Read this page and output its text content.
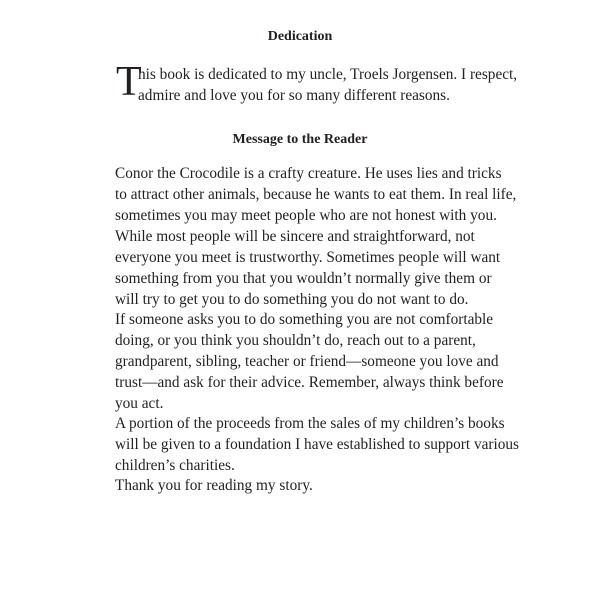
Dedication
T
his book is dedicated to my uncle, Troels Jorgensen. I respect,
admire and love you for so many different reasons.
Message to the Reader
Conor the Crocodile is a crafty creature. He uses lies and tricks
to attract other animals, because he wants to eat them. In real life,
sometimes you may meet people who are not honest with you.
While most people will be sincere and straightforward, not
everyone you meet is trustworthy. Sometimes people will want
something from you that you wouldn’t normally give them or
will try to get you to do something you do not want to do.
If someone asks you to do something you are not comfortable
doing, or you think you shouldn’t do, reach out to a parent,
grandparent, sibling, teacher or friend—someone you love and
trust—and ask for their advice. Remember, always think before
you act.
A portion of the proceeds from the sales of my children’s books
will be given to a foundation I have established to support various
children’s charities.
Thank you for reading my story.
